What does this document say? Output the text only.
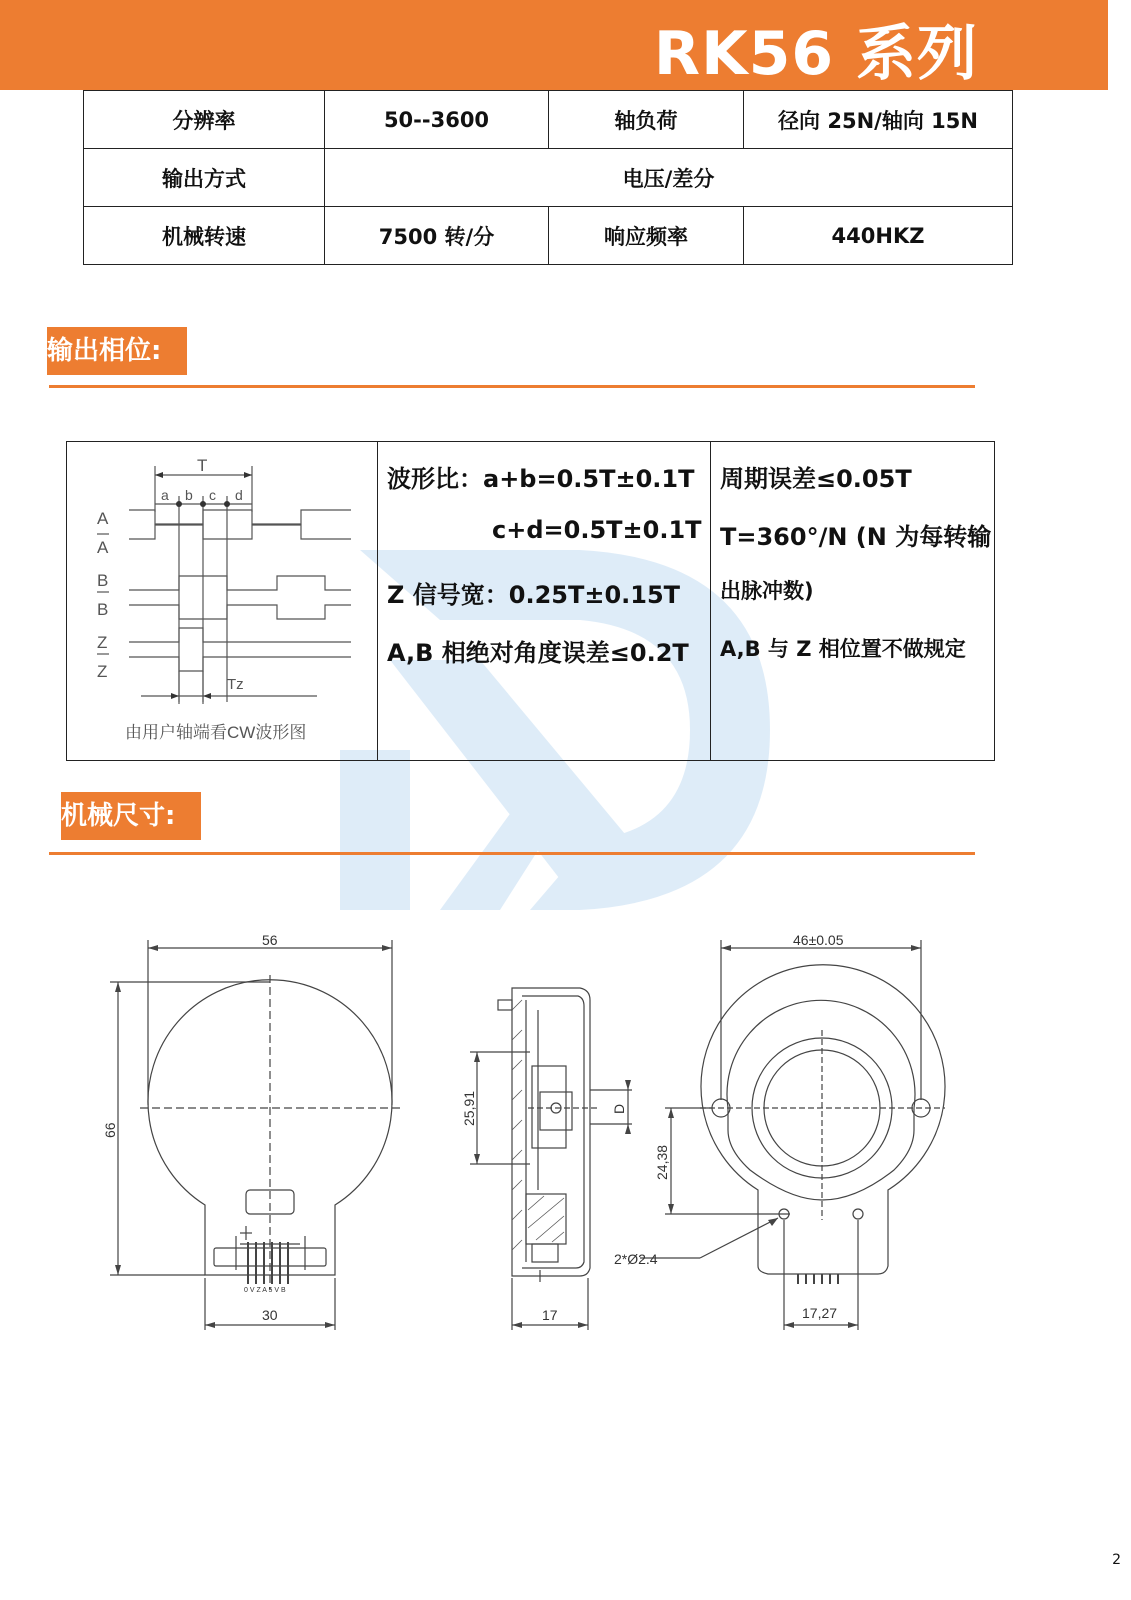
RK56 系列
分辨率	50--3600	轴负荷	径向 25N/轴向 15N
输出方式	电压/差分		
机械转速	7500 转/分	响应频率	440HKZ
输出相位:
T
a b c d
A
A
B
B
Z
Z
Tz
由用户轴端看CW波形图
波形比：a+b=0.5T±0.1T
c+d=0.5T±0.1T
Z 信号宽：0.25T±0.15T
A,B 相绝对角度误差≤0.2T
周期误差≤0.05T
T=360°/N (N 为每转输
出脉冲数)
A,B 与 Z 相位置不做规定
机械尺寸:
56
66
30
0 V Z A 5 V B
25,91	D
17
46±0.05
24,38
2*Ø2.4
17,27
2
